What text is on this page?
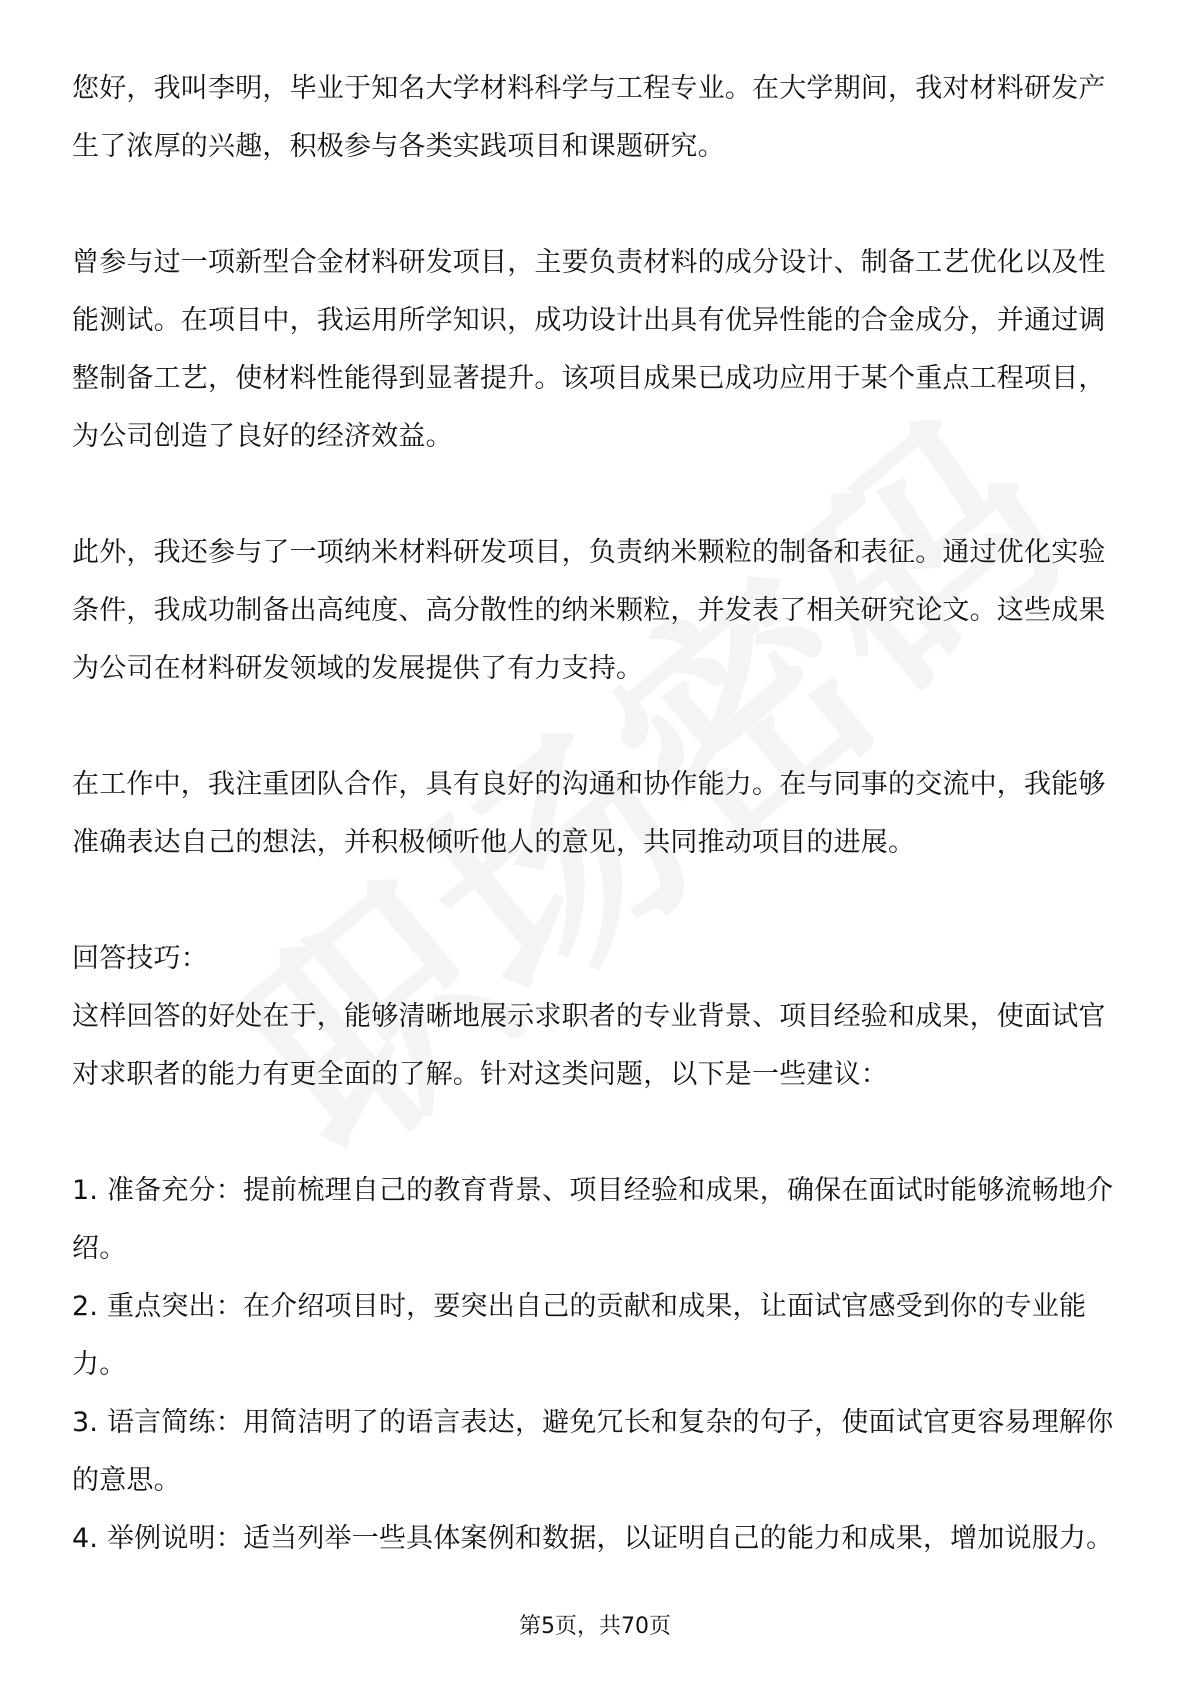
您好，我叫李明，毕业于知名大学材料科学与工程专业。在大学期间，我对材料研发产生了浓厚的兴趣，积极参与各类实践项目和课题研究。

曾参与过一项新型合金材料研发项目，主要负责材料的成分设计、制备工艺优化以及性能测试。在项目中，我运用所学知识，成功设计出具有优异性能的合金成分，并通过调整制备工艺，使材料性能得到显著提升。该项目成果已成功应用于某个重点工程项目，为公司创造了良好的经济效益。

此外，我还参与了一项纳米材料研发项目，负责纳米颗粒的制备和表征。通过优化实验条件，我成功制备出高纯度、高分散性的纳米颗粒，并发表了相关研究论文。这些成果为公司在材料研发领域的发展提供了有力支持。

在工作中，我注重团队合作，具有良好的沟通和协作能力。在与同事的交流中，我能够准确表达自己的想法，并积极倾听他人的意见，共同推动项目的进展。

回答技巧：

这样回答的好处在于，能够清晰地展示求职者的专业背景、项目经验和成果，使面试官对求职者的能力有更全面的了解。针对这类问题，以下是一些建议：

1. 准备充分：提前梳理自己的教育背景、项目经验和成果，确保在面试时能够流畅地介绍。
2. 重点突出：在介绍项目时，要突出自己的贡献和成果，让面试官感受到你的专业能力。
3. 语言简练：用简洁明了的语言表达，避免冗长和复杂的句子，使面试官更容易理解你的意思。
4. 举例说明：适当列举一些具体案例和数据，以证明自己的能力和成果，增加说服力。
第5页，共70页
